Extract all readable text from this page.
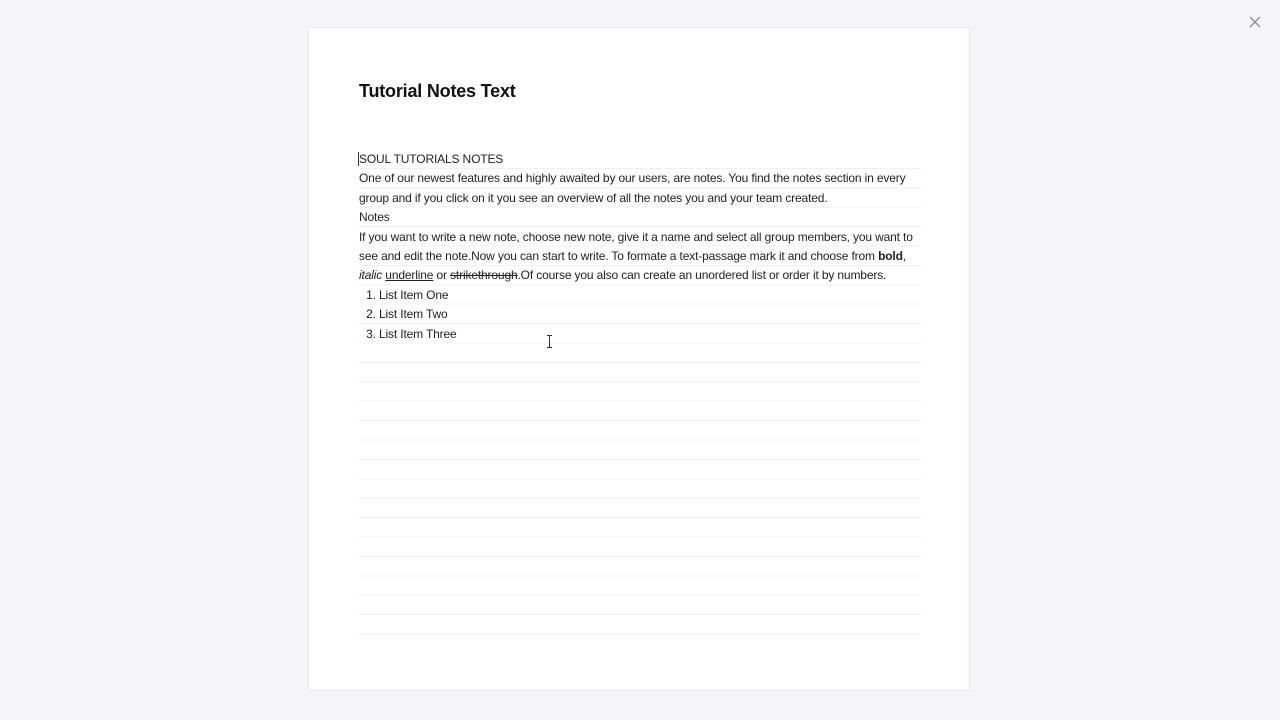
Tutorial Notes Text

SOUL TUTORIALS NOTES

One of our newest features and highly awaited by our users, are notes. You find the notes section in every group and if you click on it you see an overview of all the notes you and your team created.

Notes

If you want to write a new note, choose new note, give it a name and select all group members, you want to see and edit the note.Now you can start to write. To formate a text-passage mark it and choose from bold, italic underline or strikethrough.Of course you also can create an unordered list or order it by numbers.

1. List Item One
2. List Item Two
3. List Item Three
